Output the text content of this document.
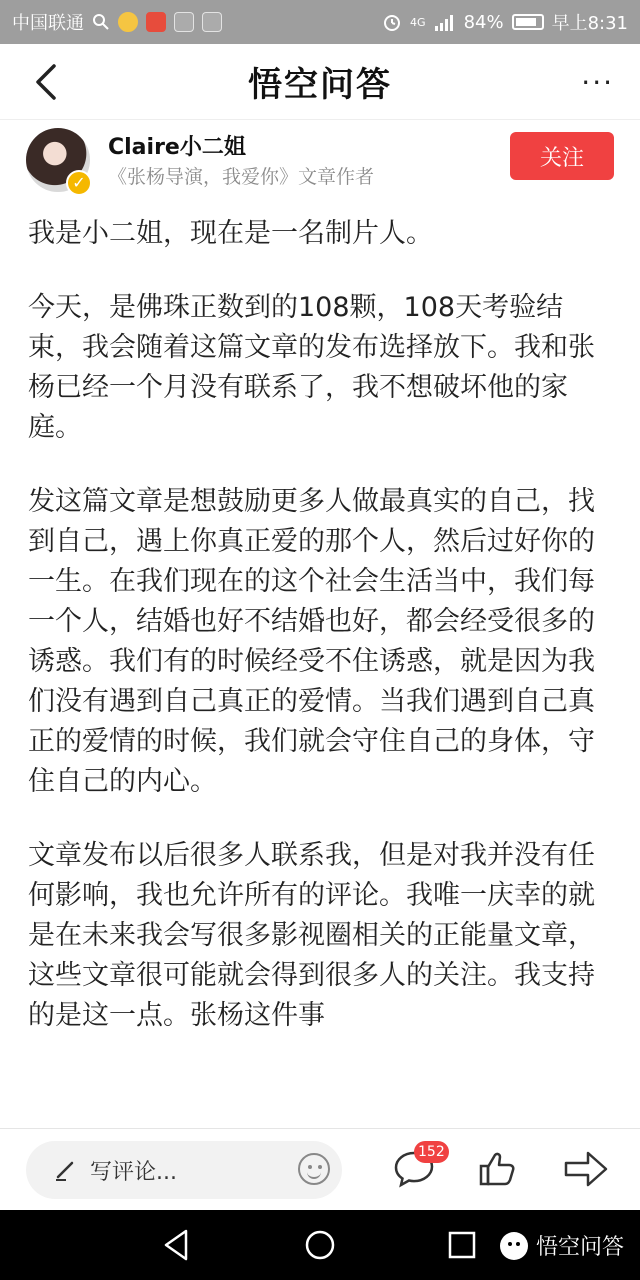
中国联通	4G 84%	早上8:31
悟空问答	···
✓
Claire小二姐
《张杨导演，我爱你》文章作者
关注

我是小二姐，现在是一名制片人。

今天，是佛珠正数到的108颗，108天考验结束，我会随着这篇文章的发布选择放下。我和张杨已经一个月没有联系了，我不想破坏他的家庭。

发这篇文章是想鼓励更多人做最真实的自己，找到自己，遇上你真正爱的那个人，然后过好你的一生。在我们现在的这个社会生活当中，我们每一个人，结婚也好不结婚也好，都会经受很多的诱惑。我们有的时候经受不住诱惑，就是因为我们没有遇到自己真正的爱情。当我们遇到自己真正的爱情的时候，我们就会守住自己的身体，守住自己的内心。

文章发布以后很多人联系我，但是对我并没有任何影响，我也允许所有的评论。我唯一庆幸的就是在未来我会写很多影视圈相关的正能量文章，这些文章很可能就会得到很多人的关注。我支持的是这一点。张杨这件事

写评论...
152
悟空问答
